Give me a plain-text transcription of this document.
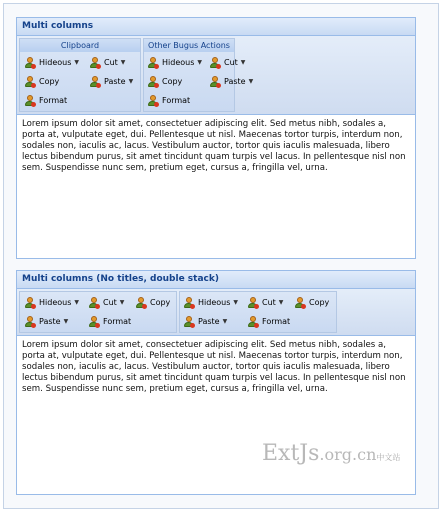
Multi columns
Clipboard
Hideous ▼	Cut ▼
Copy	Paste ▼
Format
Other Bugus Actions
Hideous ▼	Cut ▼
Copy	Paste ▼
Format
Lorem ipsum dolor sit amet, consectetuer adipiscing elit. Sed metus nibh, sodales a, porta at, vulputate eget, dui. Pellentesque ut nisl. Maecenas tortor turpis, interdum non, sodales non, iaculis ac, lacus. Vestibulum auctor, tortor quis iaculis malesuada, libero lectus bibendum purus, sit amet tincidunt quam turpis vel lacus. In pellentesque nisl non sem. Suspendisse nunc sem, pretium eget, cursus a, fringilla vel, urna.
Multi columns (No titles, double stack)
Hideous ▼	Cut ▼	Copy
Paste ▼	Format
Hideous ▼	Cut ▼	Copy
Paste ▼	Format
Lorem ipsum dolor sit amet, consectetuer adipiscing elit. Sed metus nibh, sodales a, porta at, vulputate eget, dui. Pellentesque ut nisl. Maecenas tortor turpis, interdum non, sodales non, iaculis ac, lacus. Vestibulum auctor, tortor quis iaculis malesuada, libero lectus bibendum purus, sit amet tincidunt quam turpis vel lacus. In pellentesque nisl non sem. Suspendisse nunc sem, pretium eget, cursus a, fringilla vel, urna.
ExtJs.org.cn中文站
